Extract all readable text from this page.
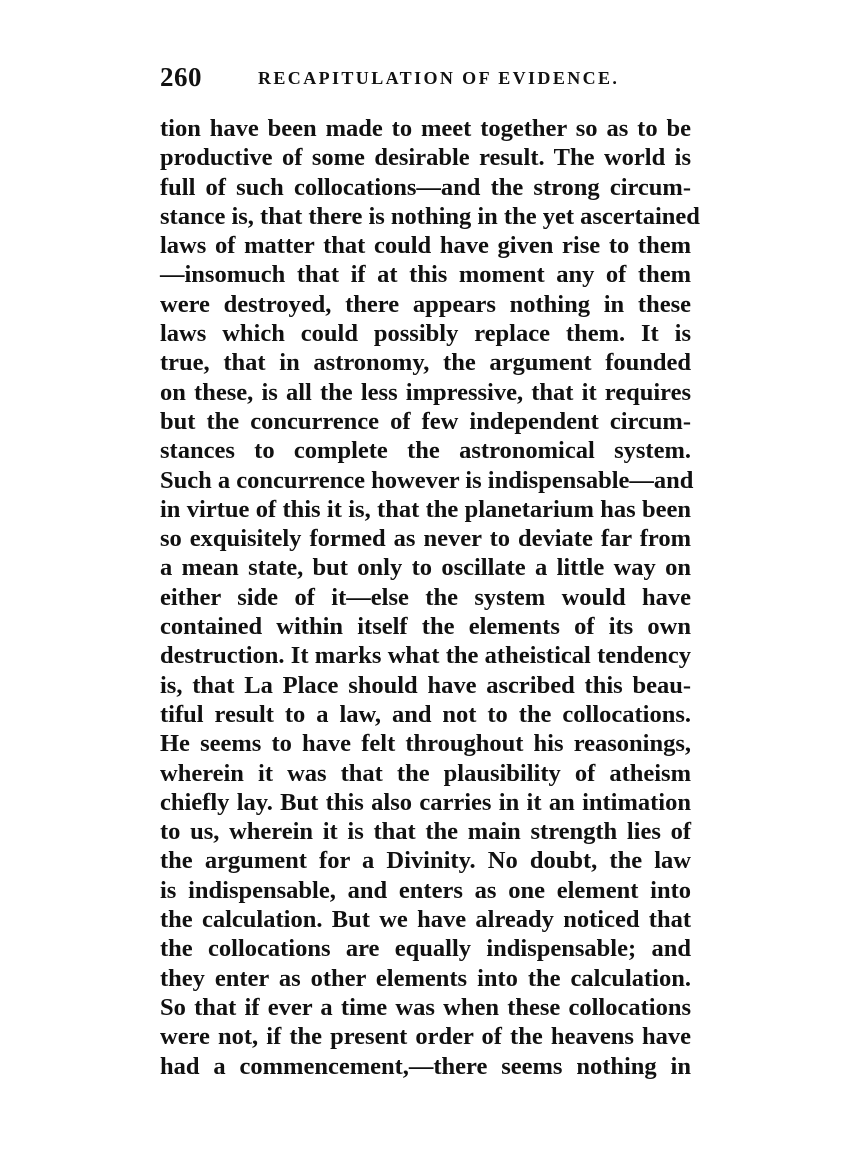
260	RECAPITULATION OF EVIDENCE.
tion have been made to meet together so as to be
productive of some desirable result. The world is
full of such collocations—and the strong circum-
stance is, that there is nothing in the yet ascertained
laws of matter that could have given rise to them
—insomuch that if at this moment any of them
were destroyed, there appears nothing in these
laws which could possibly replace them. It is
true, that in astronomy, the argument founded
on these, is all the less impressive, that it requires
but the concurrence of few independent circum-
stances to complete the astronomical system.
Such a concurrence however is indispensable—and
in virtue of this it is, that the planetarium has been
so exquisitely formed as never to deviate far from
a mean state, but only to oscillate a little way on
either side of it—else the system would have
contained within itself the elements of its own
destruction. It marks what the atheistical tendency
is, that La Place should have ascribed this beau-
tiful result to a law, and not to the collocations.
He seems to have felt throughout his reasonings,
wherein it was that the plausibility of atheism
chiefly lay. But this also carries in it an intimation
to us, wherein it is that the main strength lies of
the argument for a Divinity. No doubt, the law
is indispensable, and enters as one element into
the calculation. But we have already noticed that
the collocations are equally indispensable; and
they enter as other elements into the calculation.
So that if ever a time was when these collocations
were not, if the present order of the heavens have
had a commencement,—there seems nothing in
